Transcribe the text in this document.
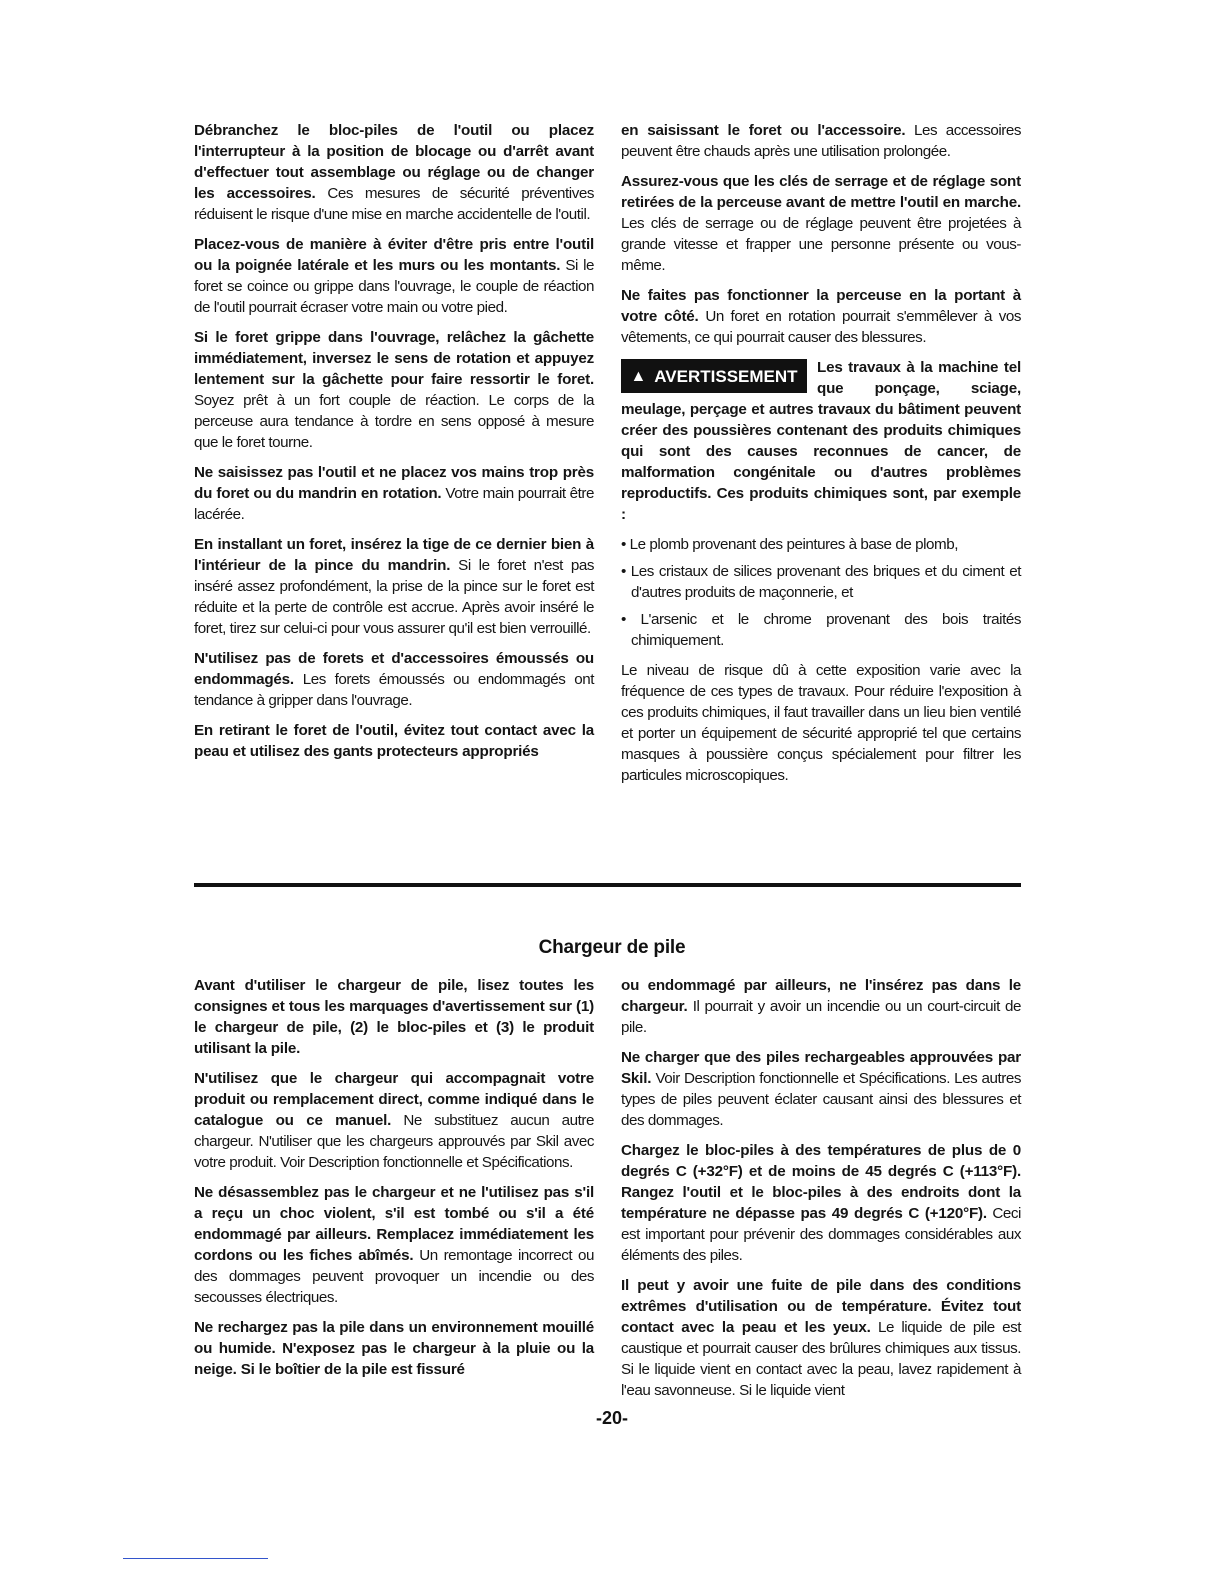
Débranchez le bloc-piles de l'outil ou placez l'interrupteur à la position de blocage ou d'arrêt avant d'effectuer tout assemblage ou réglage ou de changer les accessoires. Ces mesures de sécurité préventives réduisent le risque d'une mise en marche accidentelle de l'outil.

Placez-vous de manière à éviter d'être pris entre l'outil ou la poignée latérale et les murs ou les montants. Si le foret se coince ou grippe dans l'ouvrage, le couple de réaction de l'outil pourrait écraser votre main ou votre pied.

Si le foret grippe dans l'ouvrage, relâchez la gâchette immédiatement, inversez le sens de rotation et appuyez lentement sur la gâchette pour faire ressortir le foret. Soyez prêt à un fort couple de réaction. Le corps de la perceuse aura tendance à tordre en sens opposé à mesure que le foret tourne.

Ne saisissez pas l'outil et ne placez vos mains trop près du foret ou du mandrin en rotation. Votre main pourrait être lacérée.

En installant un foret, insérez la tige de ce dernier bien à l'intérieur de la pince du mandrin. Si le foret n'est pas inséré assez profondément, la prise de la pince sur le foret est réduite et la perte de contrôle est accrue. Après avoir inséré le foret, tirez sur celui-ci pour vous assurer qu'il est bien verrouillé.

N'utilisez pas de forets et d'accessoires émoussés ou endommagés. Les forets émoussés ou endommagés ont tendance à gripper dans l'ouvrage.

En retirant le foret de l'outil, évitez tout contact avec la peau et utilisez des gants protecteurs appropriés

en saisissant le foret ou l'accessoire. Les accessoires peuvent être chauds après une utilisation prolongée.

Assurez-vous que les clés de serrage et de réglage sont retirées de la perceuse avant de mettre l'outil en marche. Les clés de serrage ou de réglage peuvent être projetées à grande vitesse et frapper une personne présente ou vous-même.

Ne faites pas fonctionner la perceuse en la portant à votre côté. Un foret en rotation pourrait s'emmêlever à vos vêtements, ce qui pourrait causer des blessures.

▲ AVERTISSEMENT Les travaux à la machine tel que ponçage, sciage, meulage, perçage et autres travaux du bâtiment peuvent créer des poussières contenant des produits chimiques qui sont des causes reconnues de cancer, de malformation congénitale ou d'autres problèmes reproductifs. Ces produits chimiques sont, par exemple :

• Le plomb provenant des peintures à base de plomb,
• Les cristaux de silices provenant des briques et du ciment et d'autres produits de maçonnerie, et
• L'arsenic et le chrome provenant des bois traités chimiquement.

Le niveau de risque dû à cette exposition varie avec la fréquence de ces types de travaux. Pour réduire l'exposition à ces produits chimiques, il faut travailler dans un lieu bien ventilé et porter un équipement de sécurité approprié tel que certains masques à poussière conçus spécialement pour filtrer les particules microscopiques.

Chargeur de pile

Avant d'utiliser le chargeur de pile, lisez toutes les consignes et tous les marquages d'avertissement sur (1) le chargeur de pile, (2) le bloc-piles et (3) le produit utilisant la pile.

N'utilisez que le chargeur qui accompagnait votre produit ou remplacement direct, comme indiqué dans le catalogue ou ce manuel. Ne substituez aucun autre chargeur. N'utiliser que les chargeurs approuvés par Skil avec votre produit. Voir Description fonctionnelle et Spécifications.

Ne désassemblez pas le chargeur et ne l'utilisez pas s'il a reçu un choc violent, s'il est tombé ou s'il a été endommagé par ailleurs. Remplacez immédiatement les cordons ou les fiches abîmés. Un remontage incorrect ou des dommages peuvent provoquer un incendie ou des secousses électriques.

Ne rechargez pas la pile dans un environnement mouillé ou humide. N'exposez pas le chargeur à la pluie ou la neige. Si le boîtier de la pile est fissuré

ou endommagé par ailleurs, ne l'insérez pas dans le chargeur. Il pourrait y avoir un incendie ou un court-circuit de pile.

Ne charger que des piles rechargeables approuvées par Skil. Voir Description fonctionnelle et Spécifications. Les autres types de piles peuvent éclater causant ainsi des blessures et des dommages.

Chargez le bloc-piles à des températures de plus de 0 degrés C (+32°F) et de moins de 45 degrés C (+113°F). Rangez l'outil et le bloc-piles à des endroits dont la température ne dépasse pas 49 degrés C (+120°F). Ceci est important pour prévenir des dommages considérables aux éléments des piles.

Il peut y avoir une fuite de pile dans des conditions extrêmes d'utilisation ou de température. Évitez tout contact avec la peau et les yeux. Le liquide de pile est caustique et pourrait causer des brûlures chimiques aux tissus. Si le liquide vient en contact avec la peau, lavez rapidement à l'eau savonneuse. Si le liquide vient

-20-
